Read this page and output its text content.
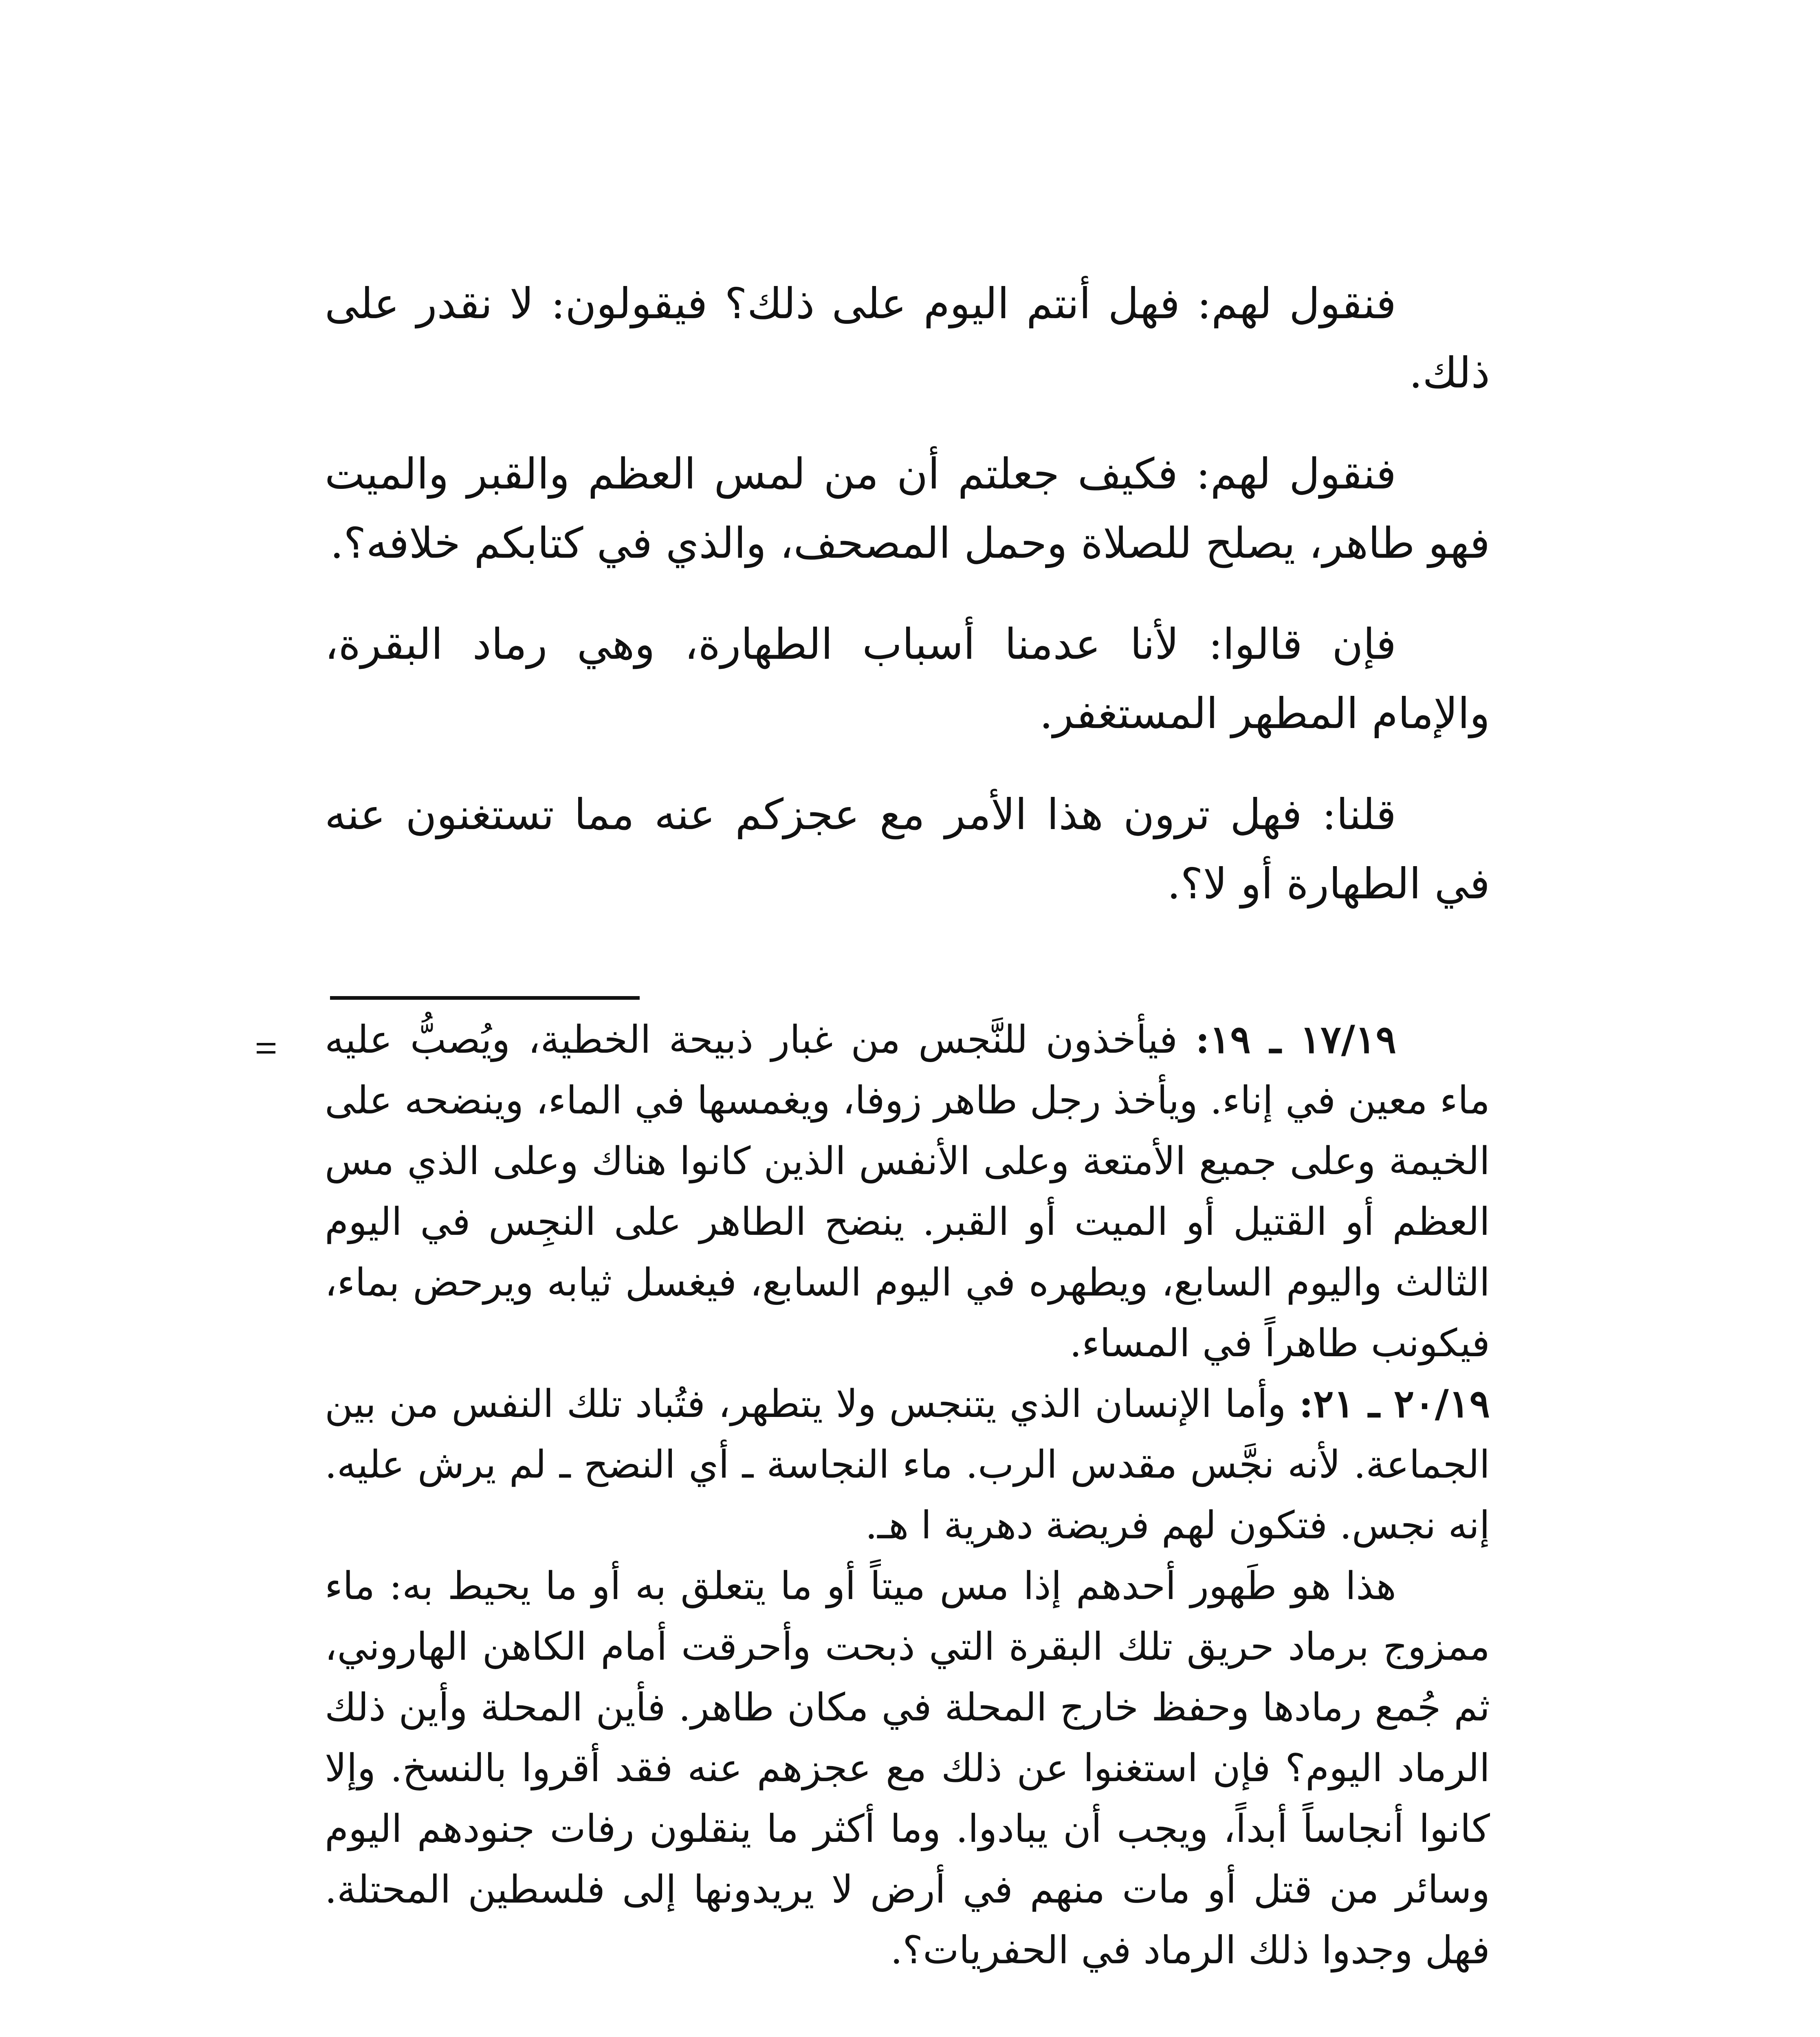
فنقول لهم: فهل أنتم اليوم على ذلك؟ فيقولون: لا نقدر على ذلك.

فنقول لهم: فكيف جعلتم أن من لمس العظم والقبر والميت فهو طاهر، يصلح للصلاة وحمل المصحف، والذي في كتابكم خلافه؟.

فإن قالوا: لأنا عدمنا أسباب الطهارة، وهي رماد البقرة، والإمام المطهر المستغفر.

قلنا: فهل ترون هذا الأمر مع عجزكم عنه مما تستغنون عنه في الطهارة أو لا؟.

١٧/١٩ ـ ١٩: فيأخذون للنَّجس من غبار ذبيحة الخطية، ويُصبُّ عليه ماء معين في إناء. ويأخذ رجل طاهر زوفا، ويغمسها في الماء، وينضحه على الخيمة وعلى جميع الأمتعة وعلى الأنفس الذين كانوا هناك وعلى الذي مس العظم أو القتيل أو الميت أو القبر. ينضح الطاهر على النجِس في اليوم الثالث واليوم السابع، ويطهره في اليوم السابع، فيغسل ثيابه ويرحض بماء، فيكونب طاهراً في المساء.

٢٠/١٩ ـ ٢١: وأما الإنسان الذي يتنجس ولا يتطهر، فتُباد تلك النفس من بين الجماعة. لأنه نجَّس مقدس الرب. ماء النجاسة ـ أي النضح ـ لم يرش عليه. إنه نجس. فتكون لهم فريضة دهرية ا هـ.

هذا هو طَهور أحدهم إذا مس ميتاً أو ما يتعلق به أو ما يحيط به: ماء ممزوج برماد حريق تلك البقرة التي ذبحت وأحرقت أمام الكاهن الهاروني، ثم جُمع رمادها وحفظ خارج المحلة في مكان طاهر. فأين المحلة وأين ذلك الرماد اليوم؟ فإن استغنوا عن ذلك مع عجزهم عنه فقد أقروا بالنسخ. وإلا كانوا أنجاساً أبداً، ويجب أن يبادوا. وما أكثر ما ينقلون رفات جنودهم اليوم وسائر من قتل أو مات منهم في أرض لا يريدونها إلى فلسطين المحتلة. فهل وجدوا ذلك الرماد في الحفريات؟.
